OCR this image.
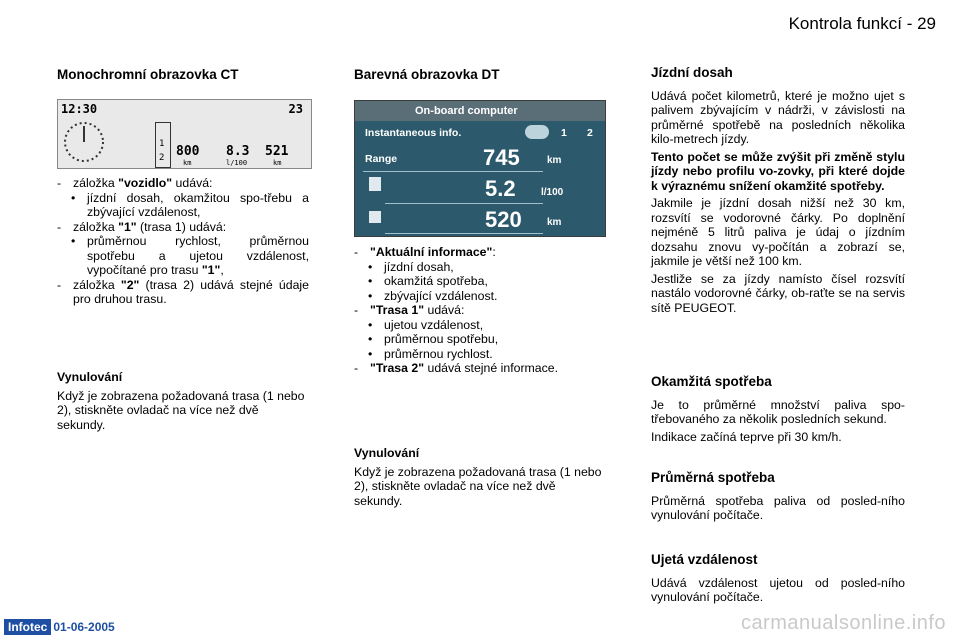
Kontrola funkcí - 29

Monochromní obrazovka CT

12:30	23
1
2 800 8.3 521
km	l/100	km
- záložka "vozidlo" udává:
• jízdní dosah, okamžitou spo-třebu a zbývající vzdálenost,
- záložka "1" (trasa 1) udává:
• průměrnou rychlost, průměrnou spotřebu a ujetou vzdálenost, vypočítané pro trasu "1",
- záložka "2" (trasa 2) udává stejné údaje pro druhou trasu.

Vynulování

Když je zobrazena požadovaná trasa (1 nebo 2), stiskněte ovladač na více než dvě sekundy.

Barevná obrazovka DT

On-board computer
Instantaneous info.	1 2
Range	745	km
5.2	l/100
520	km
- "Aktuální informace":
• jízdní dosah,
• okamžitá spotřeba,
• zbývající vzdálenost.
- "Trasa 1" udává:
• ujetou vzdálenost,
• průměrnou spotřebu,
• průměrnou rychlost.
- "Trasa 2" udává stejné informace.

Vynulování

Když je zobrazena požadovaná trasa (1 nebo 2), stiskněte ovladač na více než dvě sekundy.

Jízdní dosah

Udává počet kilometrů, které je možno ujet s palivem zbývajícím v nádrži, v závislosti na průměrné spotřebě na posledních několika kilo-metrech jízdy.

Tento počet se může zvýšit při změně stylu jízdy nebo profilu vo-zovky, při které dojde k výraznému snížení okamžité spotřeby.

Jakmile je jízdní dosah nižší než 30 km, rozsvítí se vodorovné čárky. Po doplnění nejméně 5 litrů paliva je údaj o jízdním dozsahu znovu vy-počítán a zobrazí se, jakmile je větší než 100 km.

Jestliže se za jízdy namísto čísel rozsvítí nastálo vodorovné čárky, ob-raťte se na servis sítě PEUGEOT.

Okamžitá spotřeba

Je to průměrné množství paliva spo-třebovaného za několik posledních sekund.

Indikace začíná teprve při 30 km/h.

Průměrná spotřeba

Průměrná spotřeba paliva od posled-ního vynulování počítače.

Ujetá vzdálenost

Udává vzdálenost ujetou od posled-ního vynulování počítače.

Infotec 01-06-2005	carmanualsonline.info
